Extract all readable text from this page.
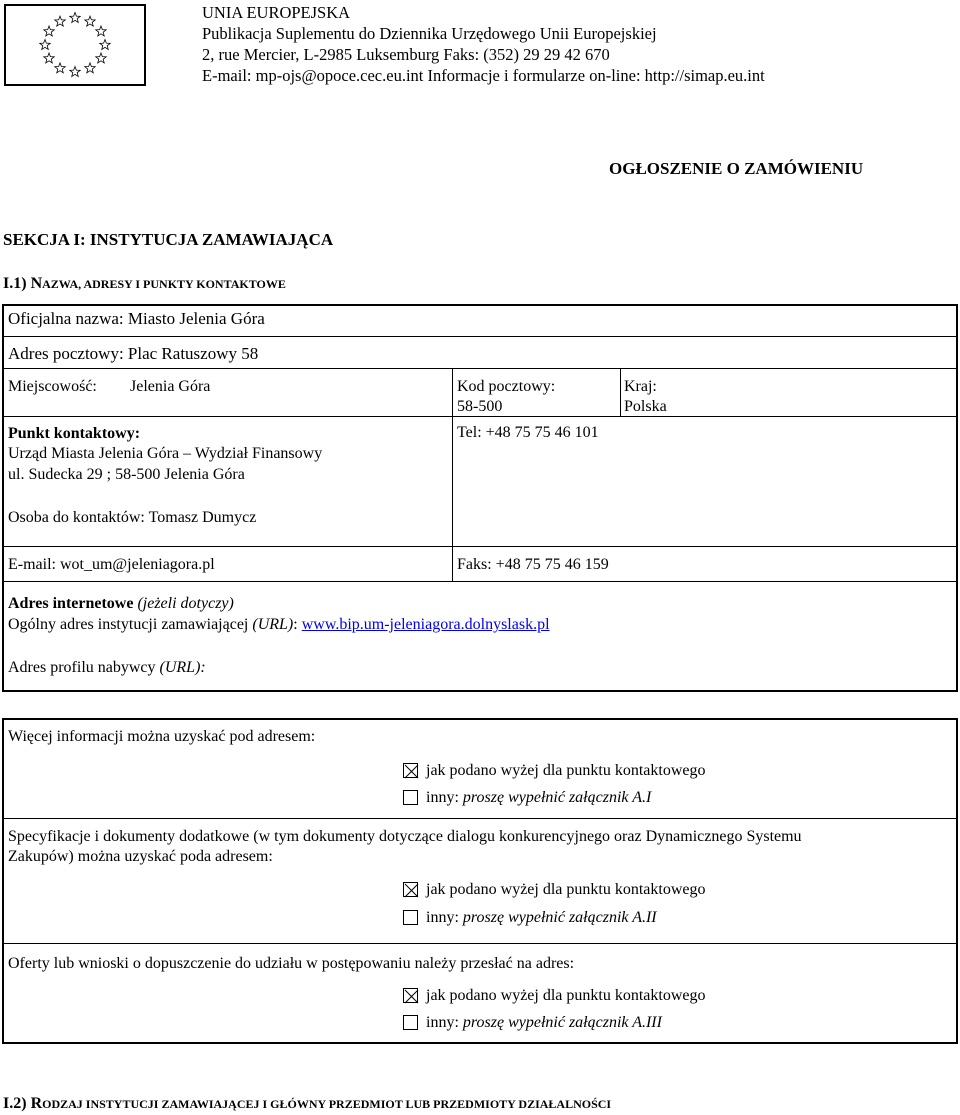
UNIA EUROPEJSKA
Publikacja Suplementu do Dziennika Urzędowego Unii Europejskiej
2, rue Mercier, L-2985 Luksemburg Faks: (352) 29 29 42 670
E-mail: mp-ojs@opoce.cec.eu.int Informacje i formularze on-line: http://simap.eu.int
OGŁOSZENIE O ZAMÓWIENIU
SEKCJA I: INSTYTUCJA ZAMAWIAJĄCA
I.1) NAZWA, ADRESY I PUNKTY KONTAKTOWE
Oficjalna nazwa: Miasto Jelenia Góra
Adres pocztowy: Plac Ratuszowy 58
Miejscowość: Jelenia Góra	Kod pocztowy:
58-500
Kraj:
Polska
Punkt kontaktowy:
Urząd Miasta Jelenia Góra – Wydział Finansowy
ul. Sudecka 29 ; 58-500 Jelenia Góra
Tel: +48 75 75 46 101
Osoba do kontaktów: Tomasz Dumycz
E-mail: wot_um@jeleniagora.pl	Faks: +48 75 75 46 159
Adres internetowe (jeżeli dotyczy)
Ogólny adres instytucji zamawiającej (URL): www.bip.um-jeleniagora.dolnyslask.pl
Adres profilu nabywcy (URL):
Więcej informacji można uzyskać pod adresem:
jak podano wyżej dla punktu kontaktowego
inny: proszę wypełnić załącznik A.I
Specyfikacje i dokumenty dodatkowe (w tym dokumenty dotyczące dialogu konkurencyjnego oraz Dynamicznego Systemu
Zakupów) można uzyskać poda adresem:
jak podano wyżej dla punktu kontaktowego
inny: proszę wypełnić załącznik A.II
Oferty lub wnioski o dopuszczenie do udziału w postępowaniu należy przesłać na adres:
jak podano wyżej dla punktu kontaktowego
inny: proszę wypełnić załącznik A.III
I.2) RODZAJ INSTYTUCJI ZAMAWIAJĄCEJ I GŁÓWNY PRZEDMIOT LUB PRZEDMIOTY DZIAŁALNOŚCI
